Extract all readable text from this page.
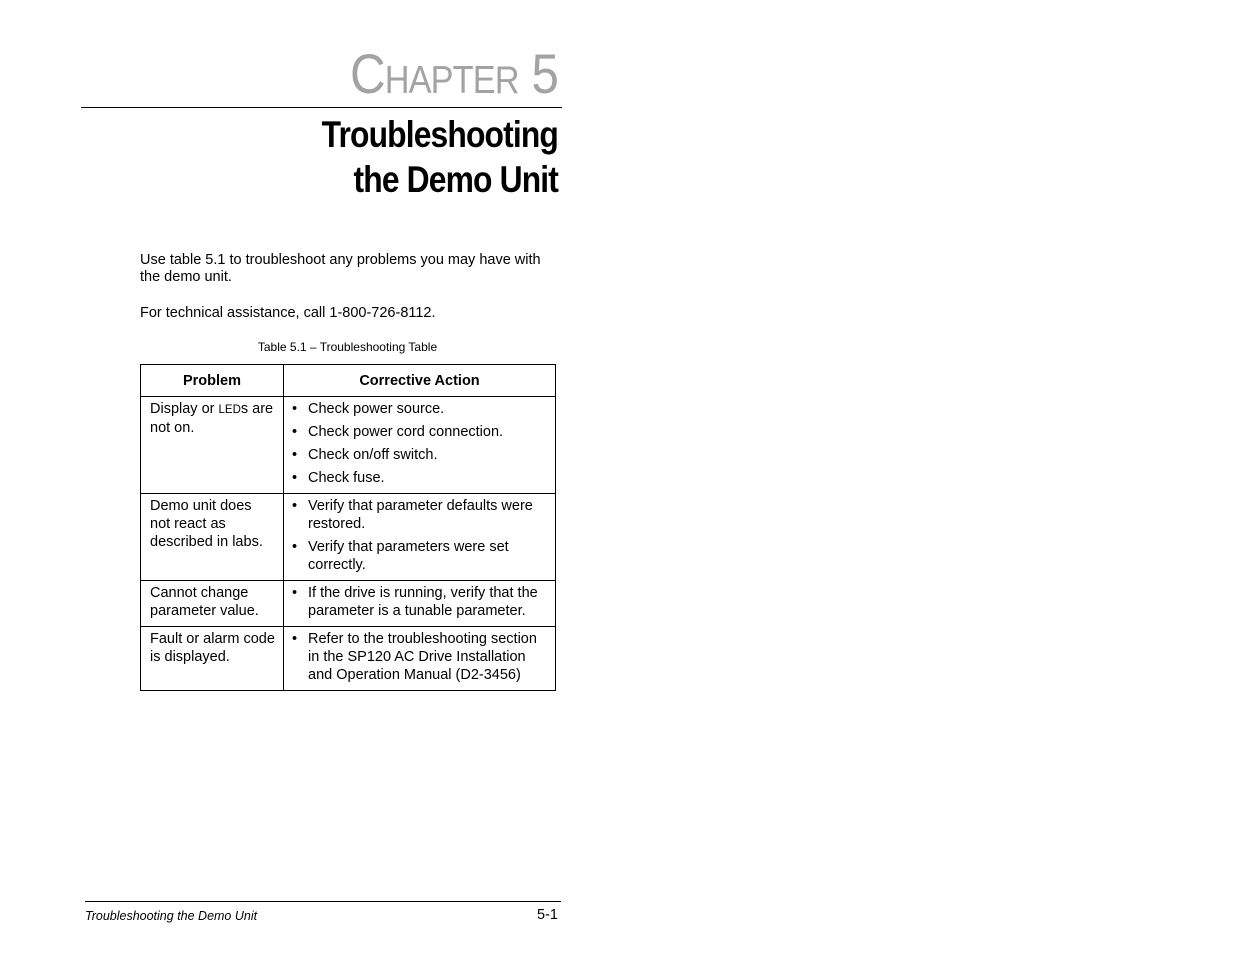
Chapter 5
Troubleshooting
the Demo Unit
Use table 5.1 to troubleshoot any problems you may have with the demo unit.
For technical assistance, call 1-800-726-8112.
Table 5.1 – Troubleshooting Table
Problem	Corrective Action
Display or LEDs are not on.	• Check power source.
• Check power cord connection.
• Check on/off switch.
• Check fuse.

Demo unit does not react as described in labs.	• Verify that parameter defaults were restored.
• Verify that parameters were set correctly.

Cannot change parameter value.	• If the drive is running, verify that the parameter is a tunable parameter.

Fault or alarm code is displayed.	• Refer to the troubleshooting section in the SP120 AC Drive Installation and Operation Manual (D2-3456)
Troubleshooting the Demo Unit	5-1
